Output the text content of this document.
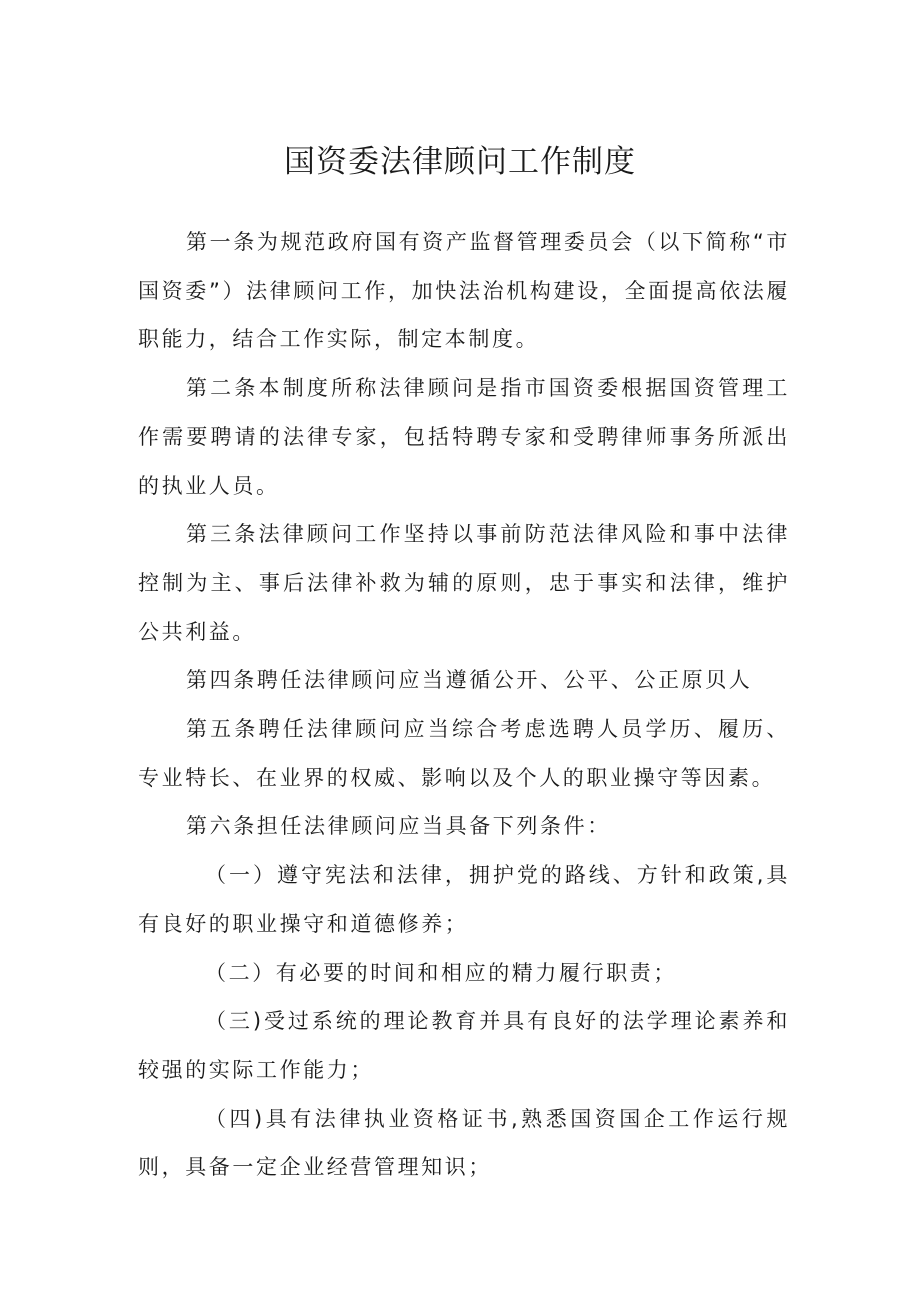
国资委法律顾问工作制度

第一条为规范政府国有资产监督管理委员会（以下简称“市国资委”）法律顾问工作，加快法治机构建设，全面提高依法履职能力，结合工作实际，制定本制度。

第二条本制度所称法律顾问是指市国资委根据国资管理工作需要聘请的法律专家，包括特聘专家和受聘律师事务所派出的执业人员。

第三条法律顾问工作坚持以事前防范法律风险和事中法律控制为主、事后法律补救为辅的原则，忠于事实和法律，维护公共利益。

第四条聘任法律顾问应当遵循公开、公平、公正原贝人

第五条聘任法律顾问应当综合考虑选聘人员学历、履历、专业特长、在业界的权威、影响以及个人的职业操守等因素。

第六条担任法律顾问应当具备下列条件：

（一）遵守宪法和法律，拥护党的路线、方针和政策,具有良好的职业操守和道德修养；

（二）有必要的时间和相应的精力履行职责；

（三)受过系统的理论教育并具有良好的法学理论素养和较强的实际工作能力；

（四)具有法律执业资格证书,熟悉国资国企工作运行规则，具备一定企业经营管理知识；
